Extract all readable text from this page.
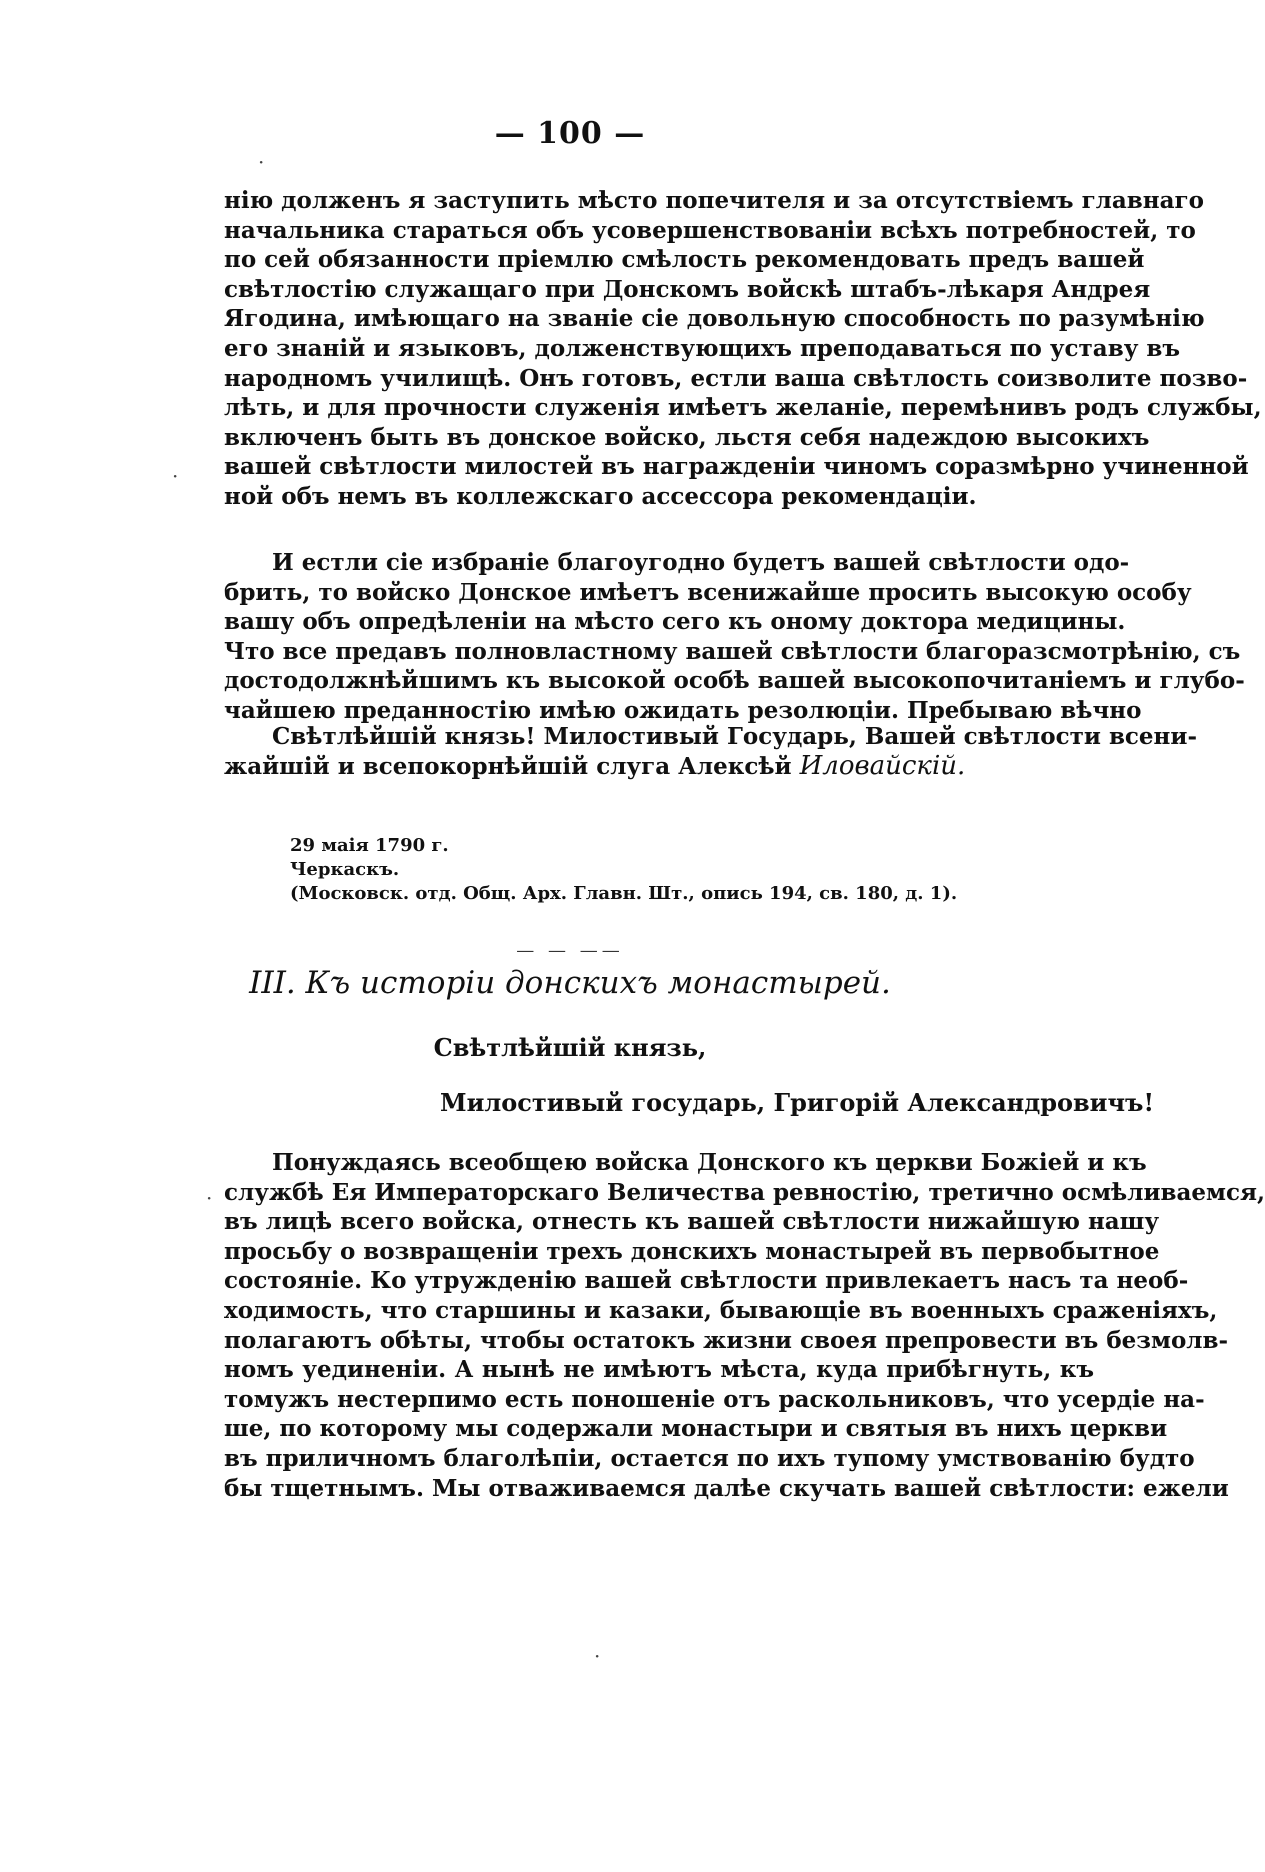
— 100 —
нію долженъ я заступить мѣсто попечителя и за отсутствіемъ главнаго
начальника стараться объ усовершенствованіи всѣхъ потребностей, то
по сей обязанности пріемлю смѣлость рекомендовать предъ вашей
свѣтлостію служащаго при Донскомъ войскѣ штабъ-лѣкаря Андрея
Ягодина, имѣющаго на званіе сіе довольную способность по разумѣнію
его знаній и языковъ, долженствующихъ преподаваться по уставу въ
народномъ училищѣ. Онъ готовъ, естли ваша свѣтлость соизволите позво-
лѣть, и для прочности служенія имѣетъ желаніе, перемѣнивъ родъ службы,
включенъ быть въ донское войско, льстя себя надеждою высокихъ
вашей свѣтлости милостей въ награжденіи чиномъ соразмѣрно учиненной
ной объ немъ въ коллежскаго ассессора рекомендаціи.
И естли сіе избраніе благоугодно будетъ вашей свѣтлости одо-
брить, то войско Донское имѣетъ всенижайше просить высокую особу
вашу объ опредѣленіи на мѣсто сего къ оному доктора медицины.
Что все предавъ полновластному вашей свѣтлости благоразсмотрѣнію, съ
достодолжнѣйшимъ къ высокой особѣ вашей высокопочитаніемъ и глубо-
чайшею преданностію имѣю ожидать резолюціи. Пребываю вѣчно
Свѣтлѣйшій князь! Милостивый Государь, Вашей свѣтлости всени-
жайшій и всепокорнѣйшій слуга Алексѣй Иловайскій.
29 маія 1790 г.
Черкаскъ.
(Московск. отд. Общ. Арх. Главн. Шт., опись 194, св. 180, д. 1).
— — ——
III. Къ исторіи донскихъ монастырей.
Свѣтлѣйшій князь,
Милостивый государь, Григорій Александровичъ!
Понуждаясь всеобщею войска Донского къ церкви Божіей и къ
службѣ Ея Императорскаго Величества ревностію, третично осмѣливаемся,
въ лицѣ всего войска, отнесть къ вашей свѣтлости нижайшую нашу
просьбу о возвращеніи трехъ донскихъ монастырей въ первобытное
состояніе. Ко утружденію вашей свѣтлости привлекаетъ насъ та необ-
ходимость, что старшины и казаки, бывающіе въ военныхъ сраженіяхъ,
полагаютъ обѣты, чтобы остатокъ жизни своея препровести въ безмолв-
номъ уединеніи. А нынѣ не имѣютъ мѣста, куда прибѣгнуть, къ
томужъ нестерпимо есть поношеніе отъ раскольниковъ, что усердіе на-
ше, по которому мы содержали монастыри и святыя въ нихъ церкви
въ приличномъ благолѣпіи, остается по ихъ тупому умствованію будто
бы тщетнымъ. Мы отваживаемся далѣе скучать вашей свѣтлости: ежели
·
·
·
·
